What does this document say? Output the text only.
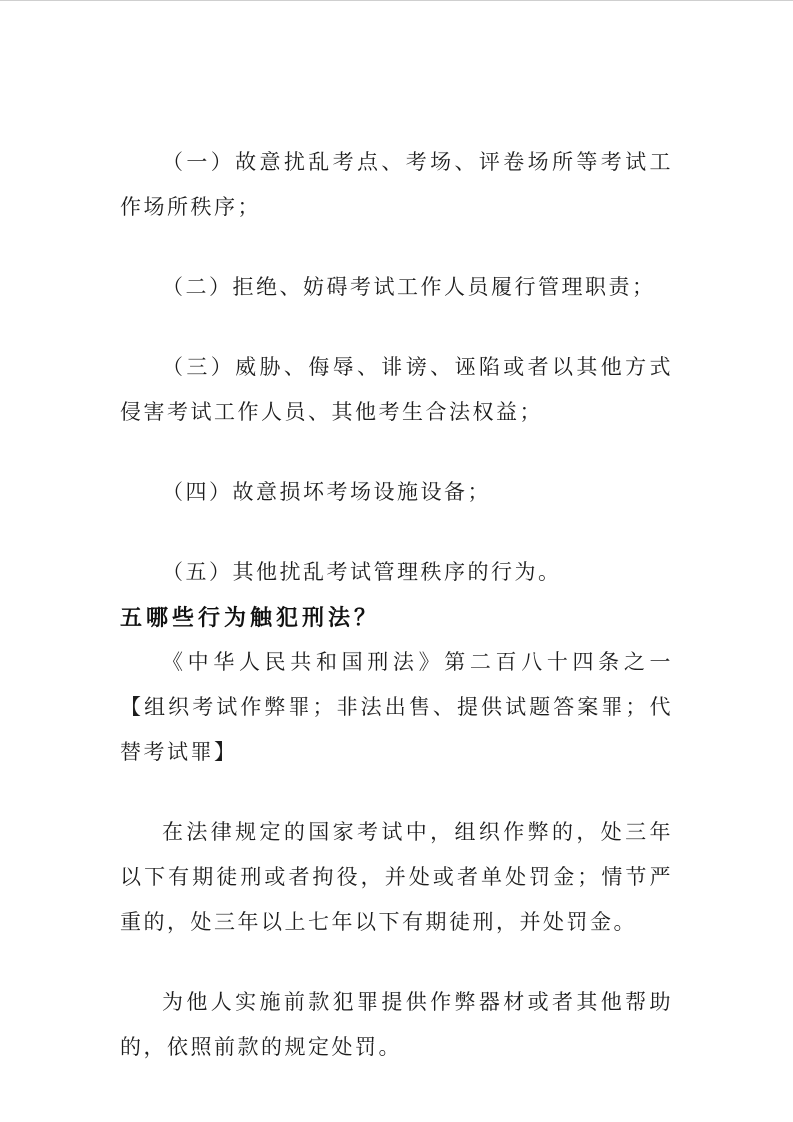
（一）故意扰乱考点、考场、评卷场所等考试工作场所秩序；

（二）拒绝、妨碍考试工作人员履行管理职责；

（三）威胁、侮辱、诽谤、诬陷或者以其他方式侵害考试工作人员、其他考生合法权益；

（四）故意损坏考场设施设备；

（五）其他扰乱考试管理秩序的行为。

五哪些行为触犯刑法？

《中华人民共和国刑法》第二百八十四条之一【组织考试作弊罪；非法出售、提供试题答案罪；代替考试罪】

在法律规定的国家考试中，组织作弊的，处三年以下有期徒刑或者拘役，并处或者单处罚金；情节严重的，处三年以上七年以下有期徒刑，并处罚金。

为他人实施前款犯罪提供作弊器材或者其他帮助的，依照前款的规定处罚。
